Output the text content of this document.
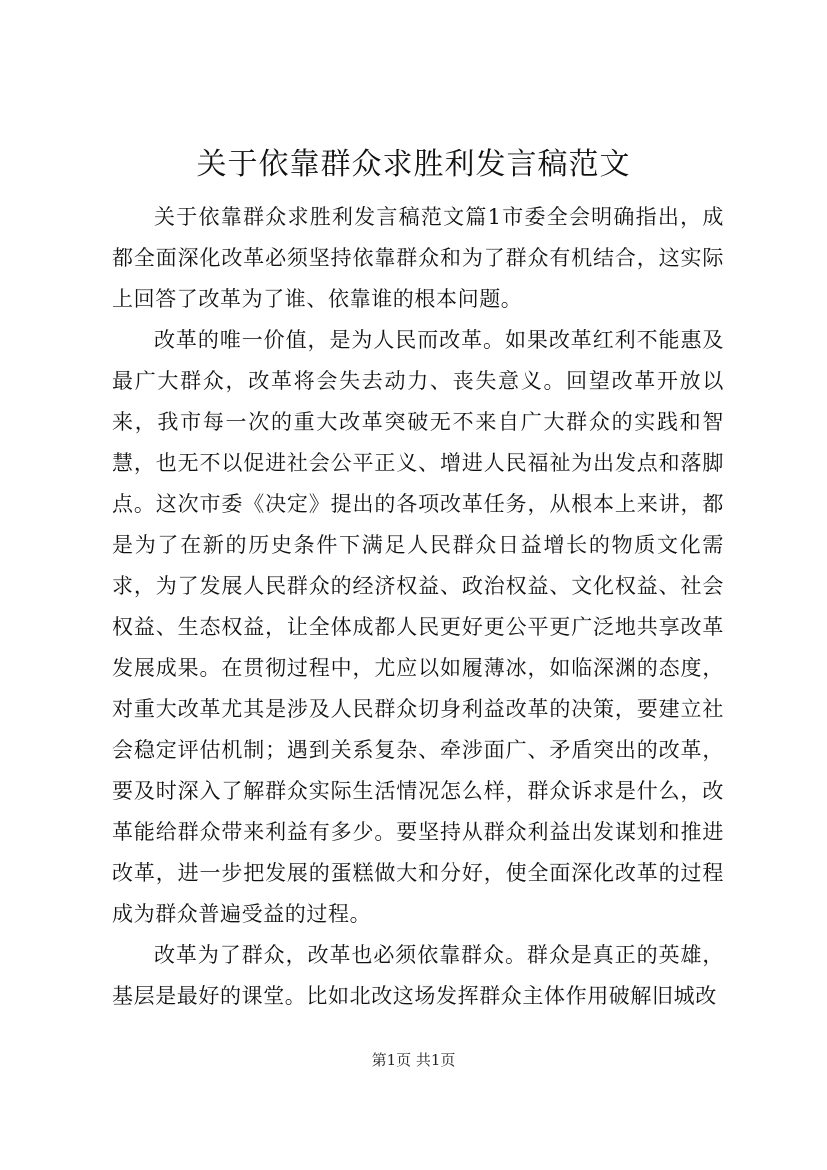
关于依靠群众求胜利发言稿范文

关于依靠群众求胜利发言稿范文篇1市委全会明确指出，成都全面深化改革必须坚持依靠群众和为了群众有机结合，这实际上回答了改革为了谁、依靠谁的根本问题。

改革的唯一价值，是为人民而改革。如果改革红利不能惠及最广大群众，改革将会失去动力、丧失意义。回望改革开放以来，我市每一次的重大改革突破无不来自广大群众的实践和智慧，也无不以促进社会公平正义、增进人民福祉为出发点和落脚点。这次市委《决定》提出的各项改革任务，从根本上来讲，都是为了在新的历史条件下满足人民群众日益增长的物质文化需求，为了发展人民群众的经济权益、政治权益、文化权益、社会权益、生态权益，让全体成都人民更好更公平更广泛地共享改革发展成果。在贯彻过程中，尤应以如履薄冰，如临深渊的态度，对重大改革尤其是涉及人民群众切身利益改革的决策，要建立社会稳定评估机制；遇到关系复杂、牵涉面广、矛盾突出的改革，要及时深入了解群众实际生活情况怎么样，群众诉求是什么，改革能给群众带来利益有多少。要坚持从群众利益出发谋划和推进改革，进一步把发展的蛋糕做大和分好，使全面深化改革的过程成为群众普遍受益的过程。

改革为了群众，改革也必须依靠群众。群众是真正的英雄，基层是最好的课堂。比如北改这场发挥群众主体作用破解旧城改

第1页 共1页
